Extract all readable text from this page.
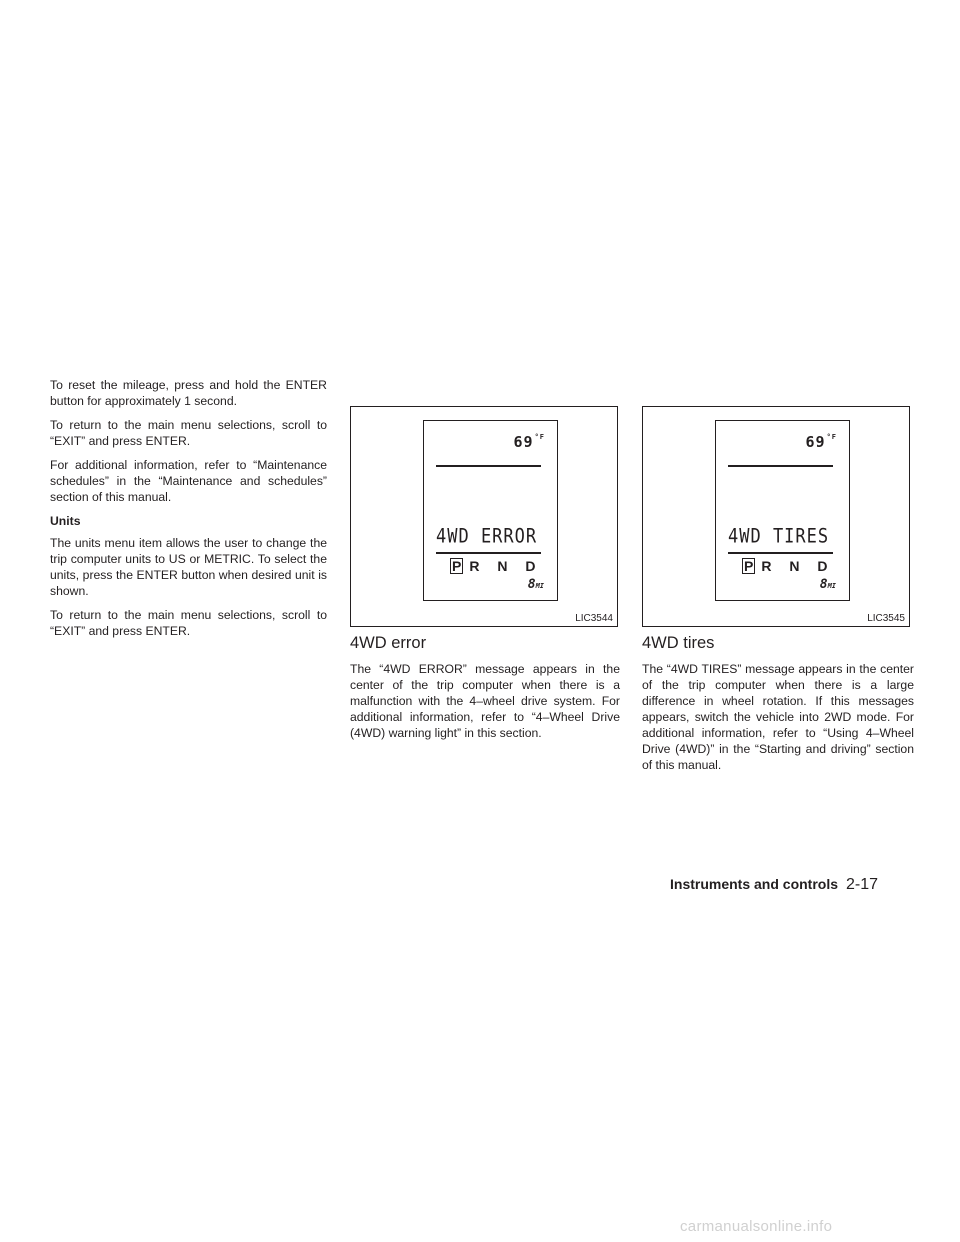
To reset the mileage, press and hold the ENTER button for approximately 1 second.

To return to the main menu selections, scroll to “EXIT” and press ENTER.

For additional information, refer to “Maintenance schedules” in the “Maintenance and schedules” section of this manual.

Units

The units menu item allows the user to change the trip computer units to US or METRIC. To select the units, press the ENTER button when desired unit is shown.

To return to the main menu selections, scroll to “EXIT” and press ENTER.

$69^{^\circ F}$
4WD ERROR
P R N D
8MI
LIC3544
4WD error

The “4WD ERROR” message appears in the center of the trip computer when there is a malfunction with the 4–wheel drive system. For additional information, refer to “4–Wheel Drive (4WD) warning light” in this section.

$69^{^\circ F}$
4WD TIRES
P R N D
8MI
LIC3545
4WD tires

The “4WD TIRES” message appears in the center of the trip computer when there is a large difference in wheel rotation. If this messages appears, switch the vehicle into 2WD mode. For additional information, refer to “Using 4–Wheel Drive (4WD)” in the “Starting and driving” section of this manual.

Instruments and controls 2-17
carmanualsonline.info
